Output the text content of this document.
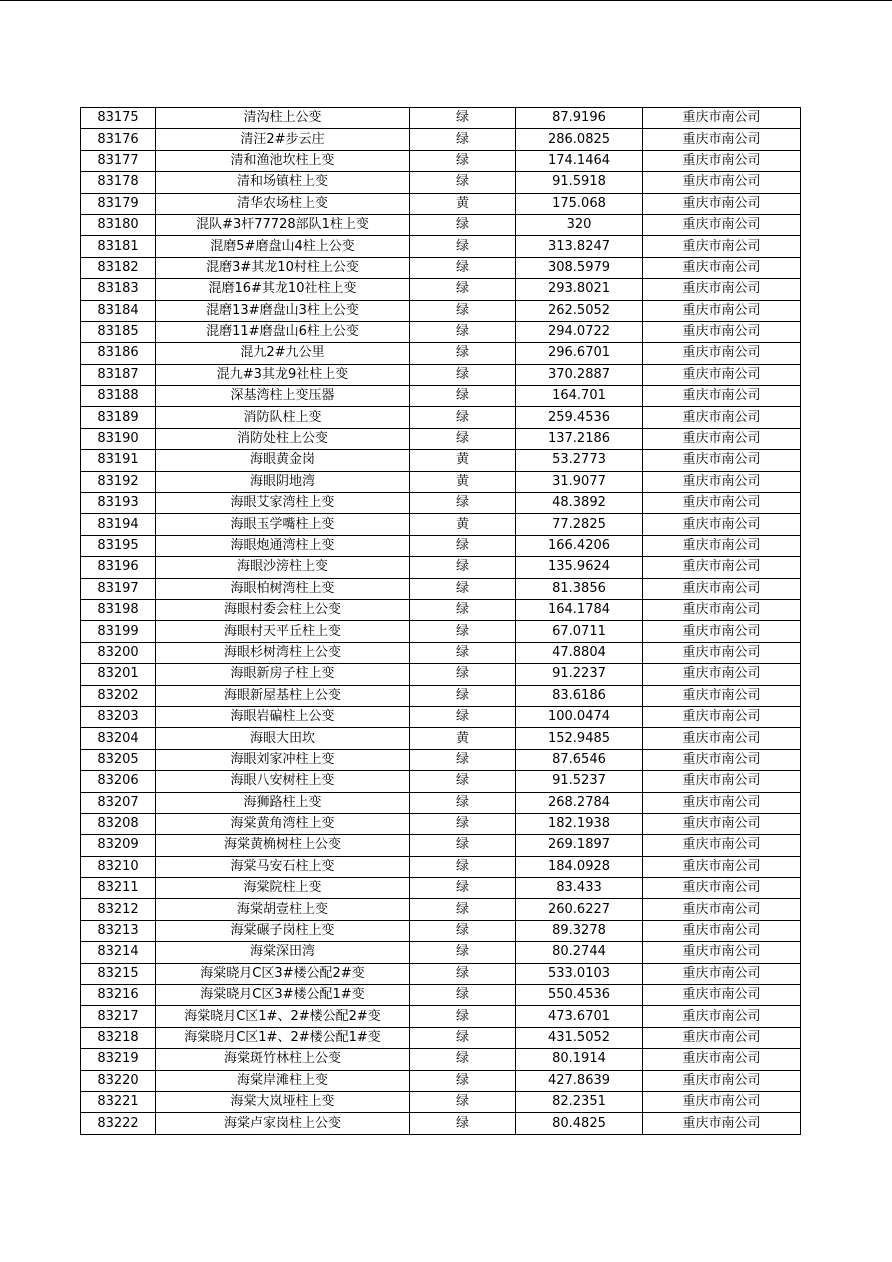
83175	清沟柱上公变	绿	87.9196	重庆市南公司
83176	清汪2#步云庄	绿	286.0825	重庆市南公司
83177	清和渔池坎柱上变	绿	174.1464	重庆市南公司
83178	清和场镇柱上变	绿	91.5918	重庆市南公司
83179	清华农场柱上变	黄	175.068	重庆市南公司
83180	混队#3杆77728部队1柱上变	绿	320	重庆市南公司
83181	混磨5#磨盘山4柱上公变	绿	313.8247	重庆市南公司
83182	混磨3#其龙10村柱上公变	绿	308.5979	重庆市南公司
83183	混磨16#其龙10社柱上变	绿	293.8021	重庆市南公司
83184	混磨13#磨盘山3柱上公变	绿	262.5052	重庆市南公司
83185	混磨11#磨盘山6柱上公变	绿	294.0722	重庆市南公司
83186	混九2#九公里	绿	296.6701	重庆市南公司
83187	混九#3其龙9社柱上变	绿	370.2887	重庆市南公司
83188	深基湾柱上变压器	绿	164.701	重庆市南公司
83189	消防队柱上变	绿	259.4536	重庆市南公司
83190	消防处柱上公变	绿	137.2186	重庆市南公司
83191	海眼黄金岗	黄	53.2773	重庆市南公司
83192	海眼阴地湾	黄	31.9077	重庆市南公司
83193	海眼艾家湾柱上变	绿	48.3892	重庆市南公司
83194	海眼玉学嘴柱上变	黄	77.2825	重庆市南公司
83195	海眼炮通湾柱上变	绿	166.4206	重庆市南公司
83196	海眼沙滂柱上变	绿	135.9624	重庆市南公司
83197	海眼柏树湾柱上变	绿	81.3856	重庆市南公司
83198	海眼村委会柱上公变	绿	164.1784	重庆市南公司
83199	海眼村天平丘柱上变	绿	67.0711	重庆市南公司
83200	海眼杉树湾柱上公变	绿	47.8804	重庆市南公司
83201	海眼新房子柱上变	绿	91.2237	重庆市南公司
83202	海眼新屋基柱上公变	绿	83.6186	重庆市南公司
83203	海眼岩碥柱上公变	绿	100.0474	重庆市南公司
83204	海眼大田坎	黄	152.9485	重庆市南公司
83205	海眼刘家冲柱上变	绿	87.6546	重庆市南公司
83206	海眼八安树柱上变	绿	91.5237	重庆市南公司
83207	海狮路柱上变	绿	268.2784	重庆市南公司
83208	海棠黄角湾柱上变	绿	182.1938	重庆市南公司
83209	海棠黄桷树柱上公变	绿	269.1897	重庆市南公司
83210	海棠马安石柱上变	绿	184.0928	重庆市南公司
83211	海棠院柱上变	绿	83.433	重庆市南公司
83212	海棠胡壹柱上变	绿	260.6227	重庆市南公司
83213	海棠碾子岗柱上变	绿	89.3278	重庆市南公司
83214	海棠深田湾	绿	80.2744	重庆市南公司
83215	海棠晓月C区3#楼公配2#变	绿	533.0103	重庆市南公司
83216	海棠晓月C区3#楼公配1#变	绿	550.4536	重庆市南公司
83217	海棠晓月C区1#、2#楼公配2#变	绿	473.6701	重庆市南公司
83218	海棠晓月C区1#、2#楼公配1#变	绿	431.5052	重庆市南公司
83219	海棠斑竹林柱上公变	绿	80.1914	重庆市南公司
83220	海棠岸滩柱上变	绿	427.8639	重庆市南公司
83221	海棠大岚垭柱上变	绿	82.2351	重庆市南公司
83222	海棠卢家岗柱上公变	绿	80.4825	重庆市南公司
